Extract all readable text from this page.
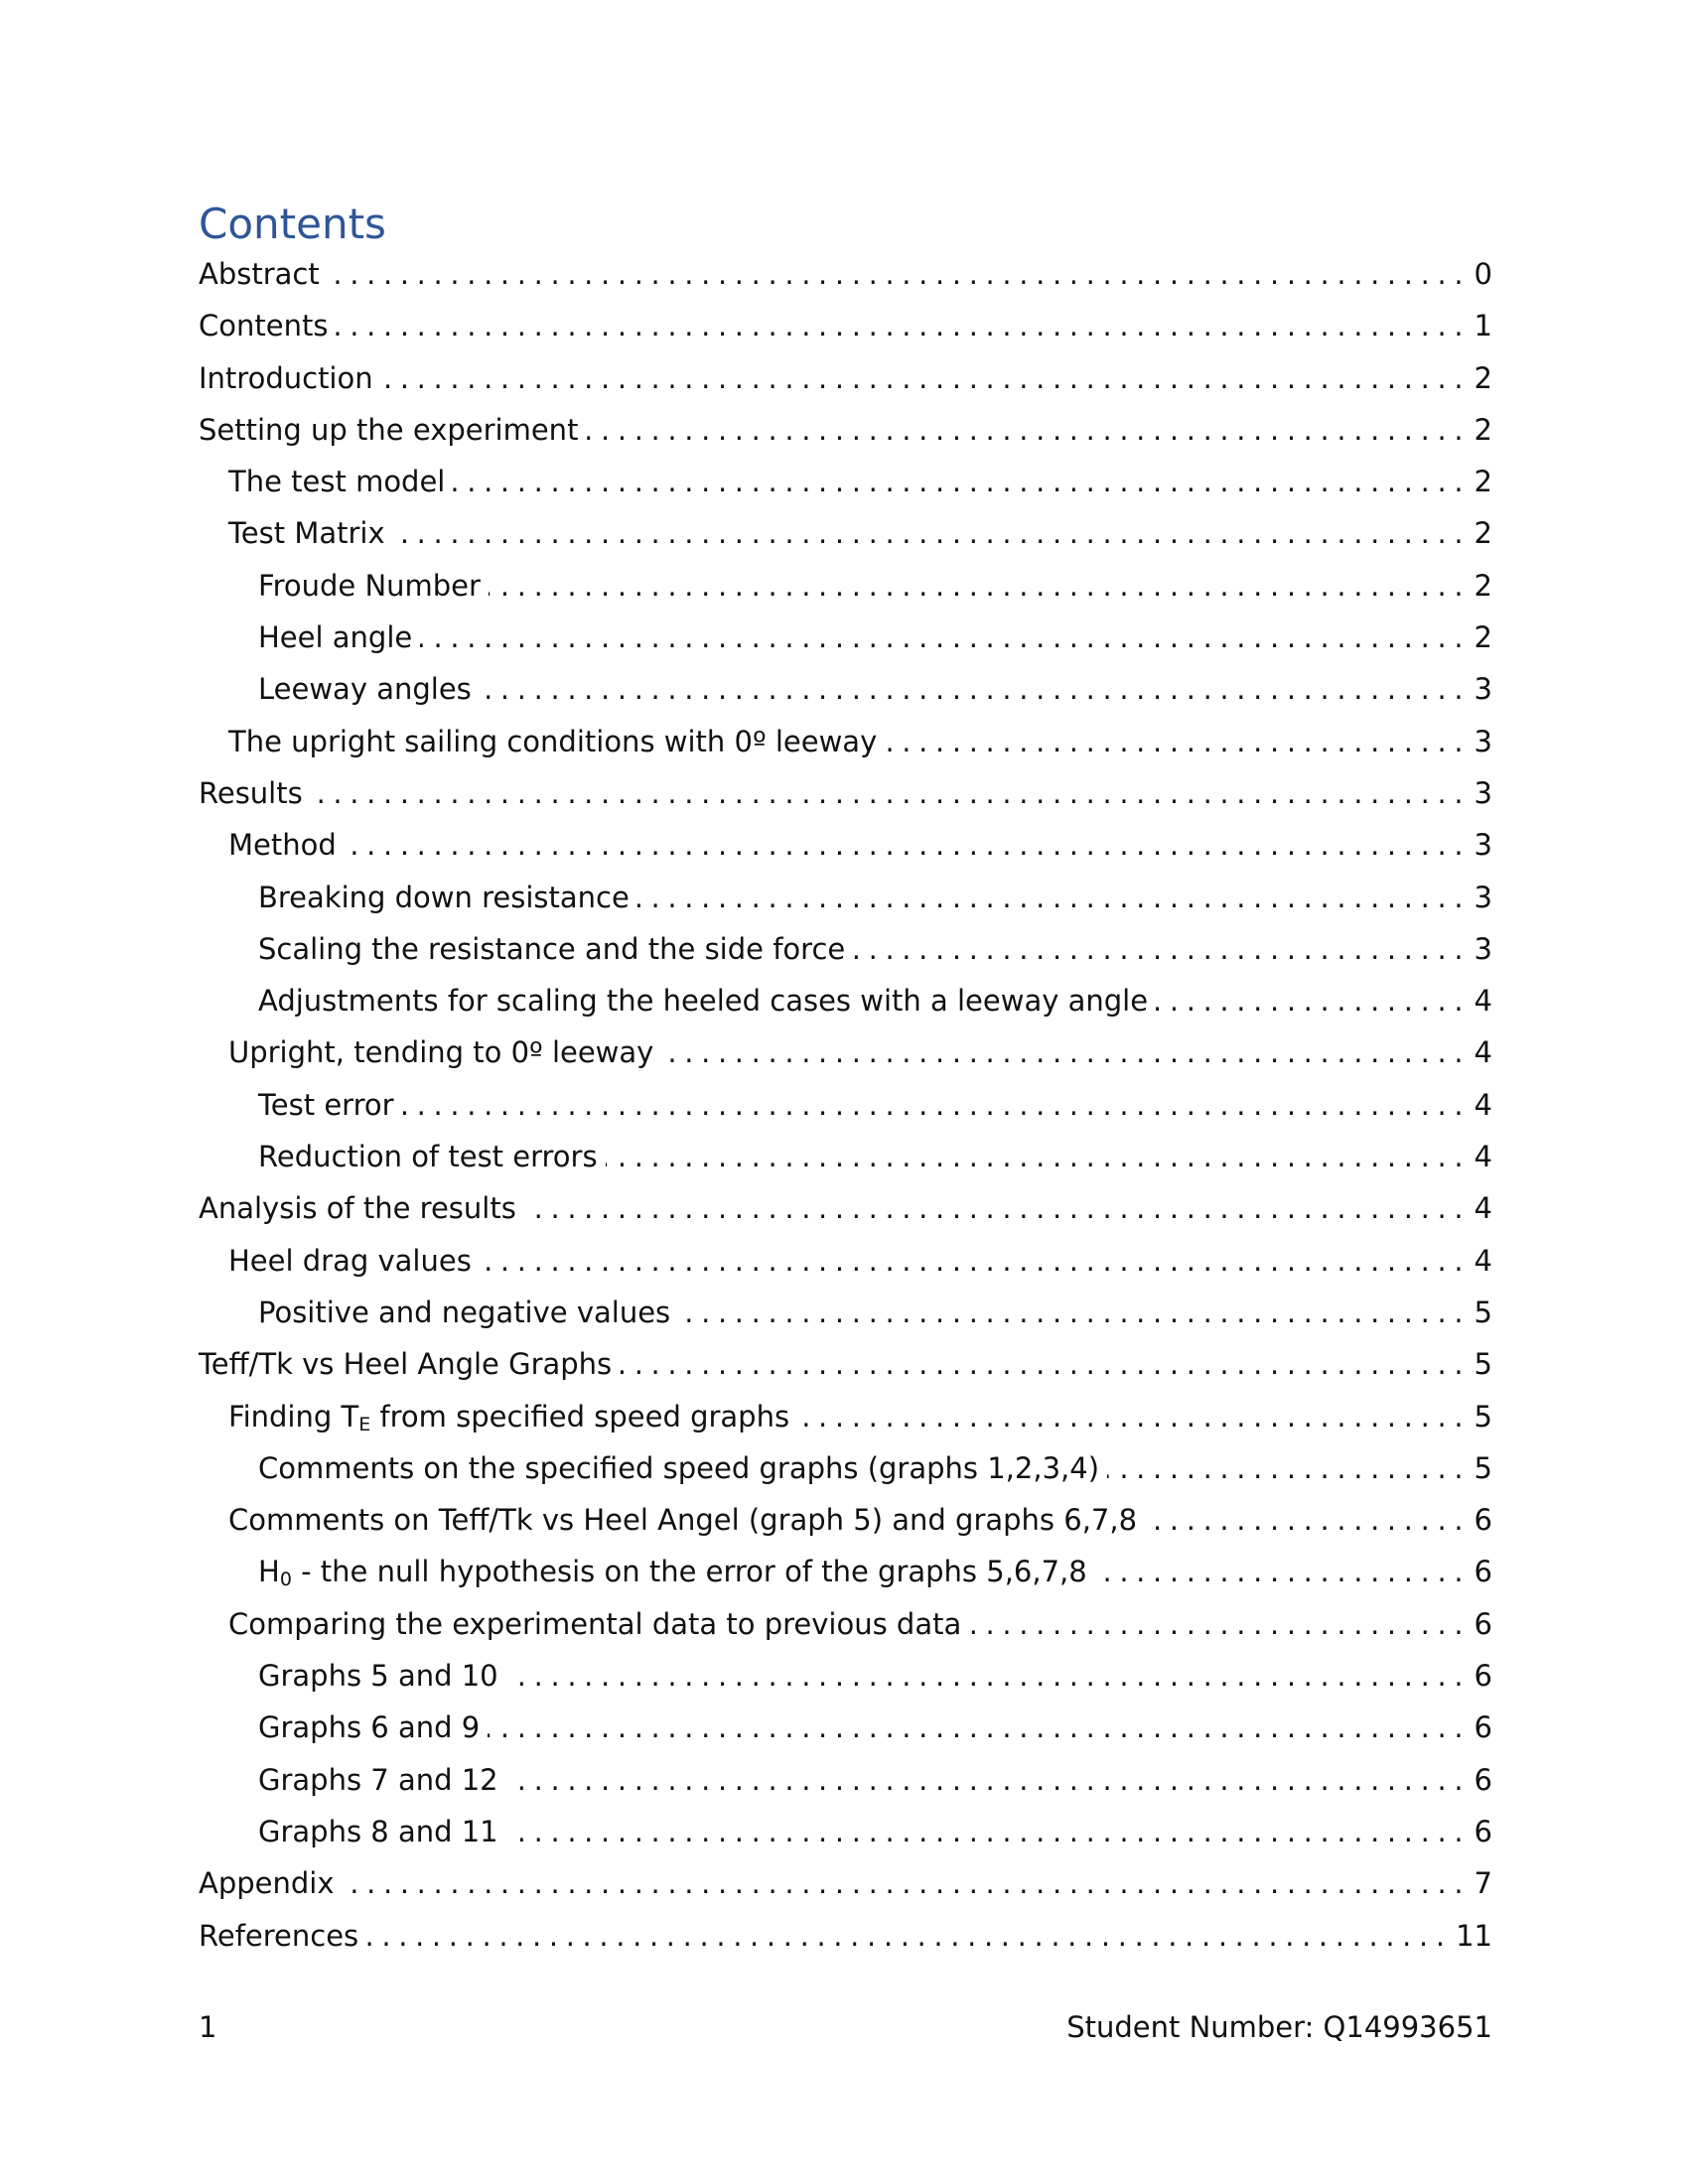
Contents
Abstract .....	0
Contents .....	1
Introduction .....	2
Setting up the experiment .....	2
The test model .....	2
Test Matrix .....	2
Froude Number .....	2
Heel angle .....	2
Leeway angles .....	3
The upright sailing conditions with 0º leeway .....	3
Results .....	3
Method .....	3
Breaking down resistance .....	3
Scaling the resistance and the side force .....	3
Adjustments for scaling the heeled cases with a leeway angle .....	4
Upright, tending to 0º leeway .....	4
Test error .....	4
Reduction of test errors .....	4
Analysis of the results .....	4
Heel drag values .....	4
Positive and negative values .....	5
Teff/Tk vs Heel Angle Graphs .....	5
Finding $T_E$ from specified speed graphs .....	5
Comments on the specified speed graphs (graphs 1,2,3,4) .....	5
Comments on Teff/Tk vs Heel Angel (graph 5) and graphs 6,7,8 .....	6
$H_0$ - the null hypothesis on the error of the graphs 5,6,7,8 .....	6
Comparing the experimental data to previous data .....	6
Graphs 5 and 10 .....	6
Graphs 6 and 9 .....	6
Graphs 7 and 12 .....	6
Graphs 8 and 11 .....	6
Appendix .....	7
References .....	11
1	Student Number: Q14993651
